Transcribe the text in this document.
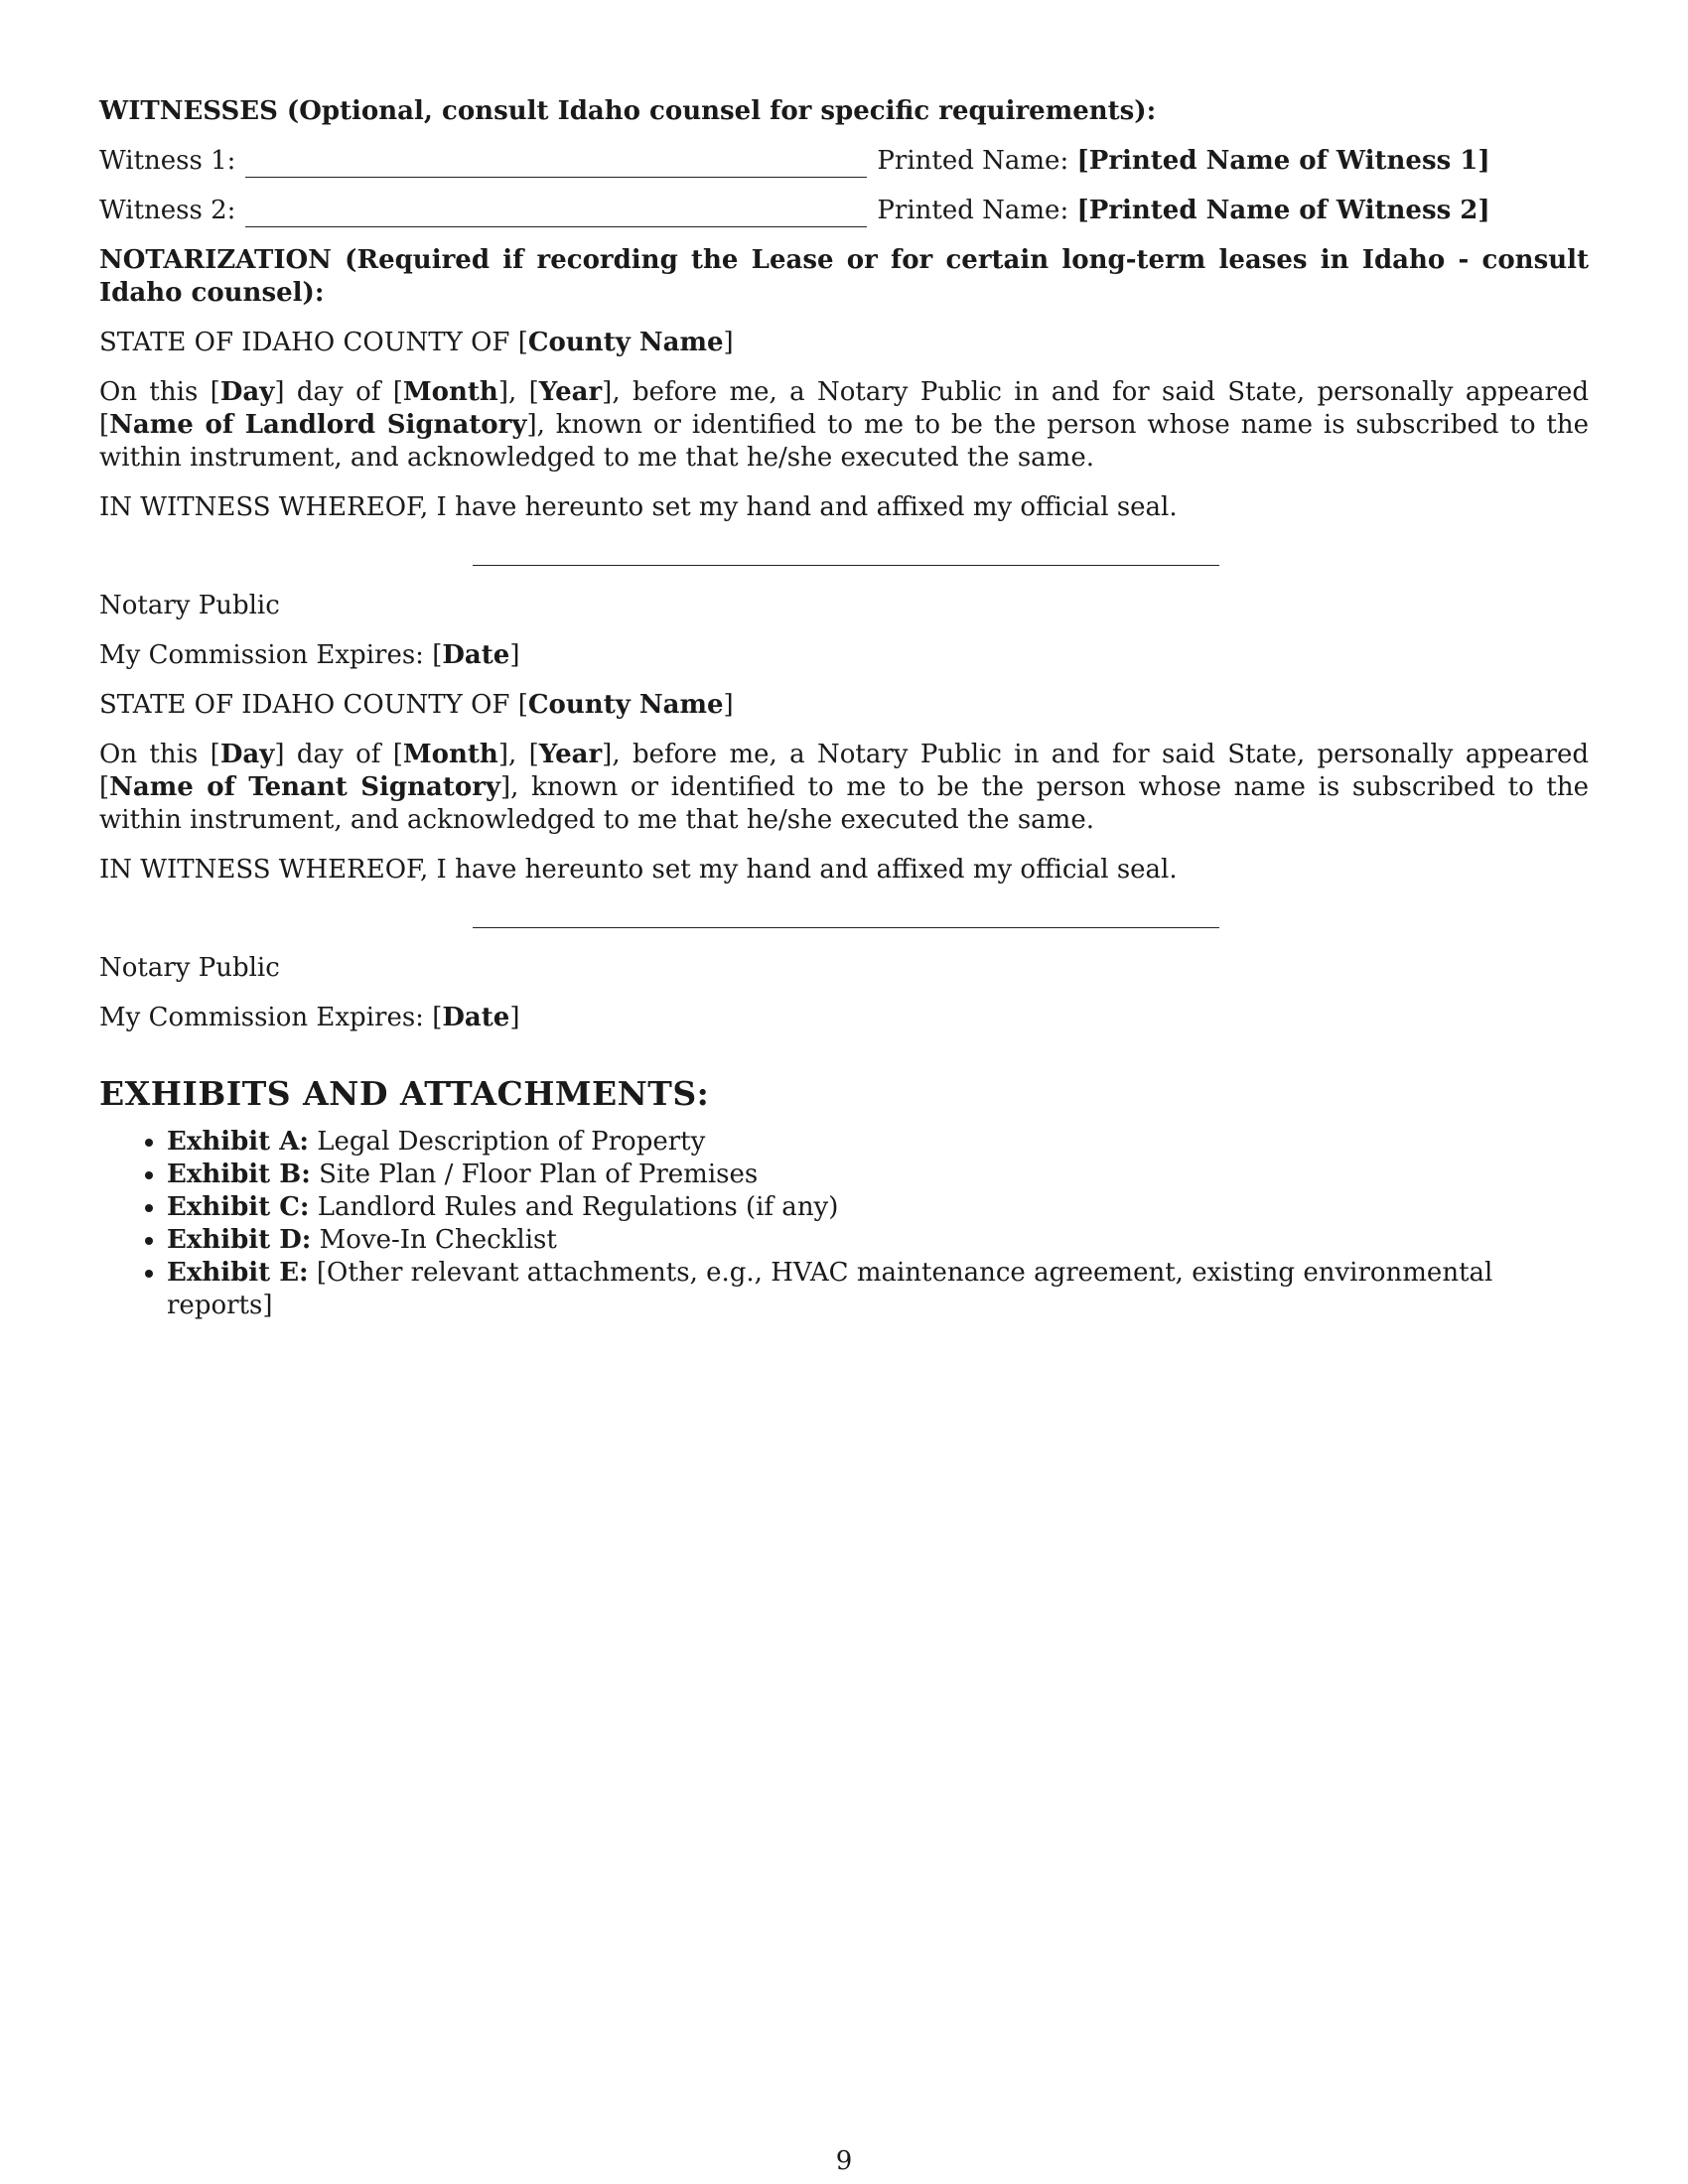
WITNESSES (Optional, consult Idaho counsel for specific requirements):

Witness 1:	Printed Name:
[Printed Name of Witness 1]
Witness 2:	Printed Name:
[Printed Name of Witness 2]

NOTARIZATION (Required if recording the Lease or for certain long-term leases in Idaho - consult Idaho counsel):

STATE OF IDAHO COUNTY OF [County Name]

On this [Day] day of [Month], [Year], before me, a Notary Public in and for said State, personally appeared [Name of Landlord Signatory], known or identified to me to be the person whose name is subscribed to the within instrument, and acknowledged to me that he/she executed the same.

IN WITNESS WHEREOF, I have hereunto set my hand and affixed my official seal.

Notary Public

My Commission Expires: [Date]

STATE OF IDAHO COUNTY OF [County Name]

On this [Day] day of [Month], [Year], before me, a Notary Public in and for said State, personally appeared [Name of Tenant Signatory], known or identified to me to be the person whose name is subscribed to the within instrument, and acknowledged to me that he/she executed the same.

IN WITNESS WHEREOF, I have hereunto set my hand and affixed my official seal.

Notary Public

My Commission Expires: [Date]

EXHIBITS AND ATTACHMENTS:
• Exhibit A: Legal Description of Property
• Exhibit B: Site Plan / Floor Plan of Premises
• Exhibit C: Landlord Rules and Regulations (if any)
• Exhibit D: Move-In Checklist
• Exhibit E: [Other relevant attachments, e.g., HVAC maintenance agreement, existing environmental reports]
9
